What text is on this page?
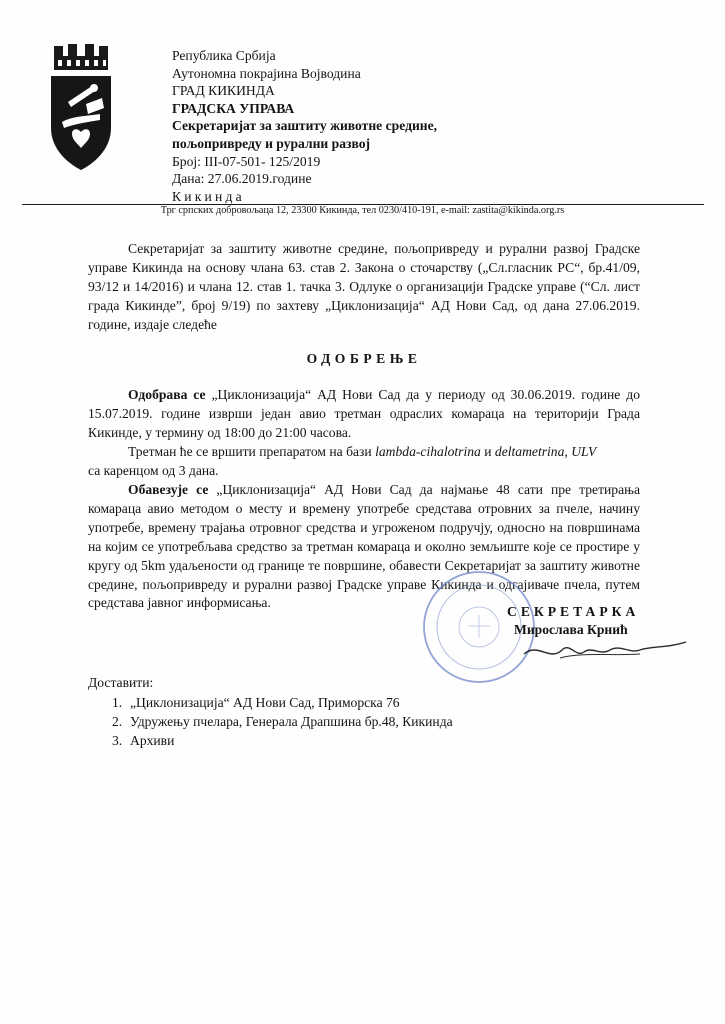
Република Србија
Аутономна покрајина Војводина
ГРАД КИКИНДА
ГРАДСКА УПРАВА
Секретаријат за заштиту животне средине,
пољопривреду и рурални развој
Број: III-07-501- 125/2019
Дана: 27.06.2019.године
Кикинда
Трг српских добровољаца 12, 23300 Кикинда, тел 0230/410-191, e-mail: zastita@kikinda.org.rs
Секретаријат за заштиту животне средине, пољопривреду и рурални развој Градске управе Кикинда на основу члана 63. став 2. Закона о сточарству („Сл.гласник РС“, бр.41/09, 93/12 и 14/2016) и члана 12. став 1. тачка 3. Одлуке о организацији Градске управе (“Сл. лист града Кикинде”, број 9/19) по захтеву „Циклонизација“ АД Нови Сад, од дана 27.06.2019. године, издаје следеће
ОДОБРЕЊЕ
Одобрава се „Циклонизација“ АД Нови Сад да у периоду од 30.06.2019. године до 15.07.2019. године изврши један авио третман одраслих комараца на територији Града Кикинде, у термину од 18:00 до 21:00 часова.
Третман ће се вршити препаратом на бази lambda-cihalotrina и deltametrina, ULV
са каренцом од 3 дана.
Обавезује се „Циклонизација“ АД Нови Сад да најмање 48 сати пре третирања комараца авио методом о месту и времену употребе средстава отровних за пчеле, начину употребе, времену трајања отровног средства и угроженом подручју, односно на површинама на којим се употребљава средство за третман комараца и околно земљиште које се простире у кругу од 5km удаљености од границе те површине, обавести Секретаријат за заштиту животне средине, пољопривреду и рурални развој Градске управе Кикинда и одгајиваче пчела, путем средстава јавног информисања.
СЕКРЕТАРКА
Мирослава Крнић
Доставити:
1. „Циклонизација“ АД Нови Сад, Приморска 76
2. Удружењу пчелара, Генерала Драпшина бр.48, Кикинда
3. Архиви
